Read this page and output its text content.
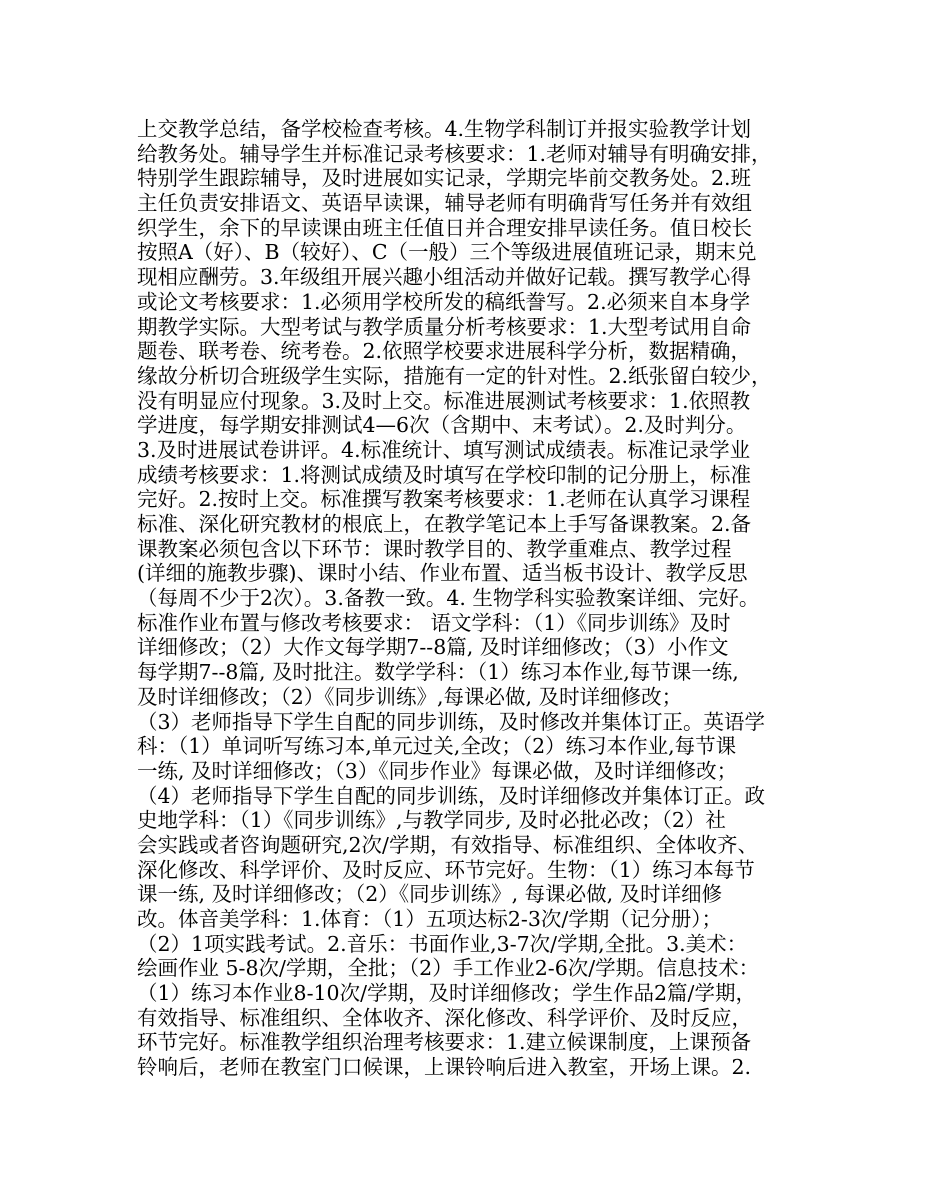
上交教学总结，备学校检查考核。4.生物学科制订并报实验教学计划
给教务处。辅导学生并标准记录考核要求：1.老师对辅导有明确安排，
特别学生跟踪辅导，及时进展如实记录，学期完毕前交教务处。2.班
主任负责安排语文、英语早读课，辅导老师有明确背写任务并有效组
织学生，余下的早读课由班主任值日并合理安排早读任务。值日校长
按照A（好）、B（较好）、C（一般）三个等级进展值班记录，期末兑
现相应酬劳。3.年级组开展兴趣小组活动并做好记载。撰写教学心得
或论文考核要求：1.必须用学校所发的稿纸誊写。2.必须来自本身学
期教学实际。大型考试与教学质量分析考核要求：1.大型考试用自命
题卷、联考卷、统考卷。2.依照学校要求进展科学分析，数据精确，
缘故分析切合班级学生实际，措施有一定的针对性。2.纸张留白较少，
没有明显应付现象。3.及时上交。标准进展测试考核要求：1.依照教
学进度，每学期安排测试4—6次（含期中、末考试）。2.及时判分。
3.及时进展试卷讲评。4.标准统计、填写测试成绩表。标准记录学业
成绩考核要求：1.将测试成绩及时填写在学校印制的记分册上，标准
完好。2.按时上交。标准撰写教案考核要求：1.老师在认真学习课程
标准、深化研究教材的根底上，在教学笔记本上手写备课教案。2.备
课教案必须包含以下环节：课时教学目的、教学重难点、教学过程
(详细的施教步骤)、课时小结、作业布置、适当板书设计、教学反思
（每周不少于2次）。3.备教一致。4. 生物学科实验教案详细、完好。
标准作业布置与修改考核要求： 语文学科：（1）《同步训练》及时
详细修改；（2）大作文每学期7--8篇, 及时详细修改；（3）小作文
每学期7--8篇, 及时批注。数学学科：（1）练习本作业,每节课一练,
及时详细修改；（2）《同步训练》,每课必做, 及时详细修改；
（3）老师指导下学生自配的同步训练，及时修改并集体订正。英语学
科：（1）单词听写练习本,单元过关,全改；（2）练习本作业,每节课
一练, 及时详细修改；（3）《同步作业》每课必做，及时详细修改；
（4）老师指导下学生自配的同步训练，及时详细修改并集体订正。政
史地学科：（1）《同步训练》,与教学同步, 及时必批必改；（2）社
会实践或者咨询题研究,2次/学期，有效指导、标准组织、全体收齐、
深化修改、科学评价、及时反应、环节完好。生物：（1）练习本每节
课一练, 及时详细修改；（2）《同步训练》, 每课必做, 及时详细修
改。体音美学科：1.体育：（1）五项达标2-3次/学期（记分册）；
（2）1项实践考试。2.音乐：书面作业,3-7次/学期,全批。3.美术：
绘画作业 5-8次/学期，全批；（2）手工作业2-6次/学期。信息技术：
（1）练习本作业8-10次/学期，及时详细修改；学生作品2篇/学期，
有效指导、标准组织、全体收齐、深化修改、科学评价、及时反应，
环节完好。标准教学组织治理考核要求：1.建立候课制度，上课预备
铃响后，老师在教室门口候课，上课铃响后进入教室，开场上课。2.
